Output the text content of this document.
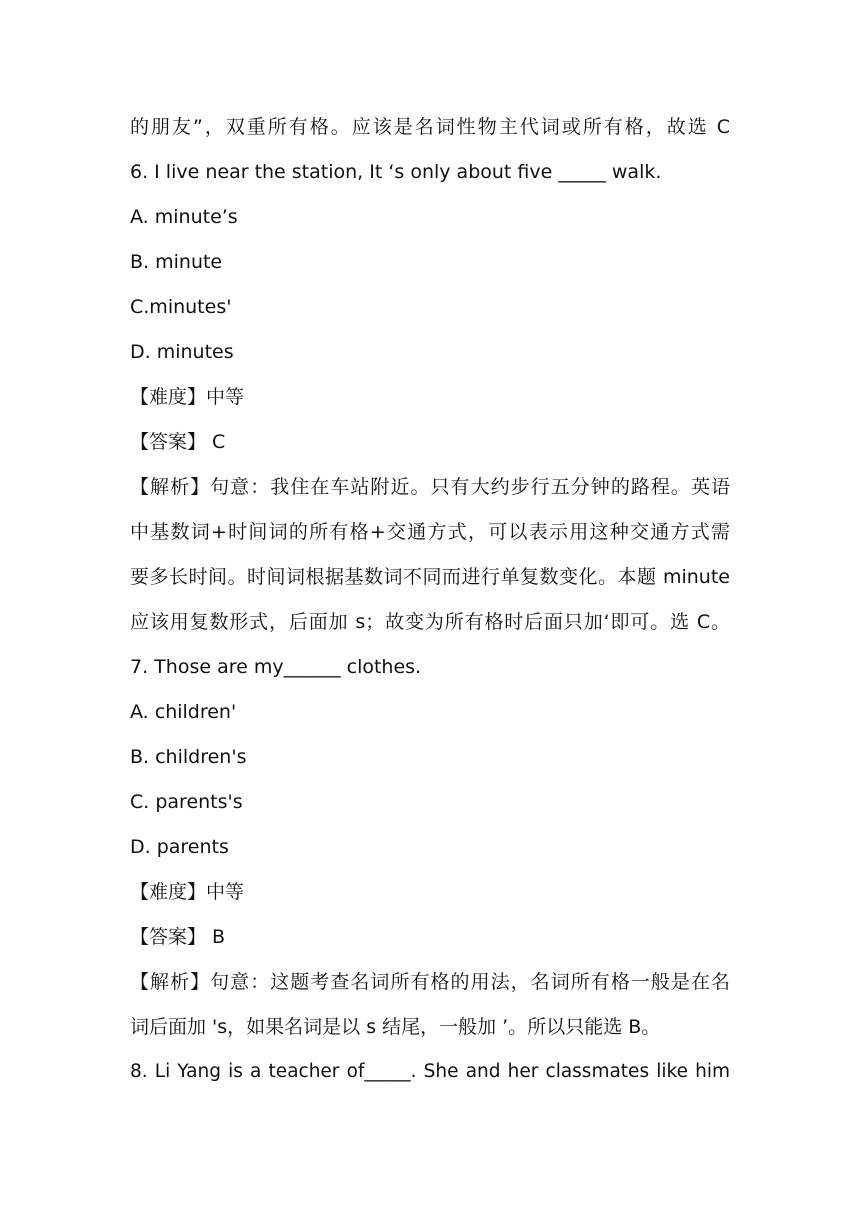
的朋友”，双重所有格。应该是名词性物主代词或所有格，故选 C
6. I live near the station, It ‘s only about five _____ walk.
A. minute’s
B. minute
C.minutes'
D. minutes
【难度】中等
【答案】 C
【解析】句意：我住在车站附近。只有大约步行五分钟的路程。英语
中基数词+时间词的所有格+交通方式，可以表示用这种交通方式需
要多长时间。时间词根据基数词不同而进行单复数变化。本题 minute
应该用复数形式，后面加 s；故变为所有格时后面只加‘即可。选 C。
7. Those are my______ clothes.
A. children'
B. children's
C. parents's
D. parents
【难度】中等
【答案】 B
【解析】句意：这题考查名词所有格的用法，名词所有格一般是在名
词后面加 's，如果名词是以 s 结尾，一般加 ’。所以只能选 B。
8. Li Yang is a teacher of_____. She and her classmates like him
